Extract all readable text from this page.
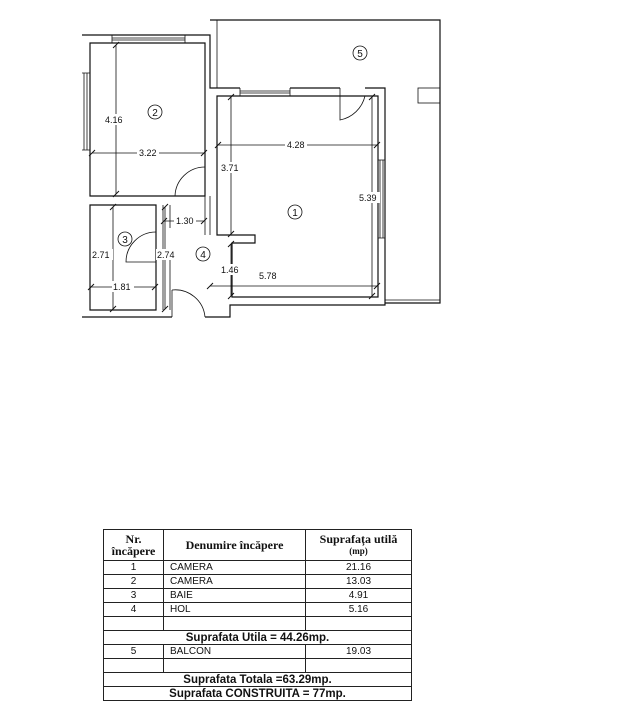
4.16
3.22
4.28
3.71
5.39
1.30
2.71	2.74
1.46
5.78
1.81
2
1
3
4
5
Nr.
încăpere	Denumire încăpere	Suprafața utilă
(mp)

1	CAMERA	21.16
2	CAMERA	13.03
3	BAIE	4.91
4	HOL	5.16

Suprafata Utila = 44.26mp.		
5	BALCON	19.03

Suprafata Totala =63.29mp.		
Suprafata CONSTRUITA = 77mp.		
